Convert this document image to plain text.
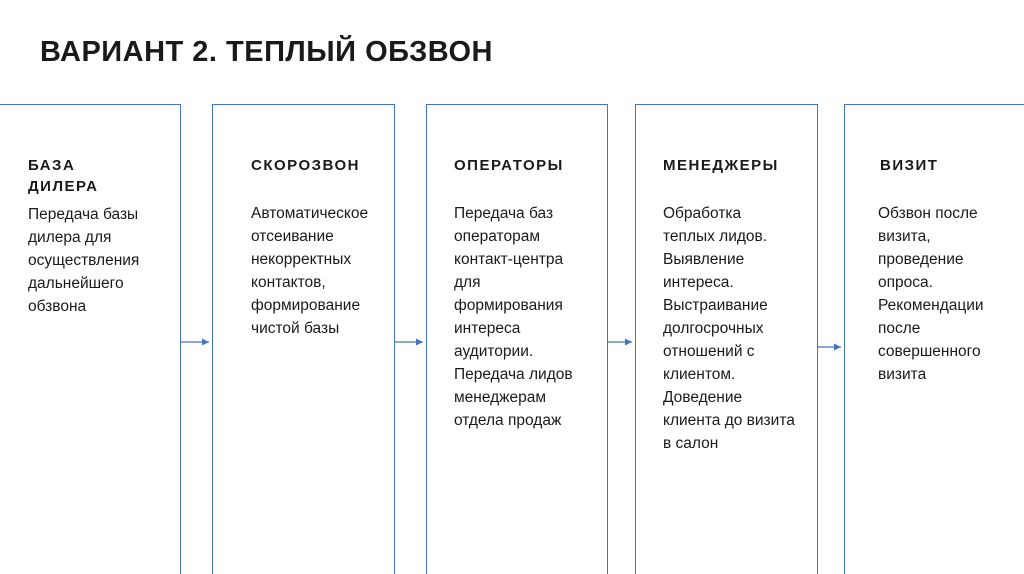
ВАРИАНТ 2. ТЕПЛЫЙ ОБЗВОН
БАЗА
ДИЛЕРА
Передача базы
дилера для
осуществления
дальнейшего
обзвона
СКОРОЗВОН
Автоматическое
отсеивание
некорректных
контактов,
формирование
чистой базы
ОПЕРАТОРЫ
Передача баз
операторам
контакт-центра
для
формирования
интереса
аудитории.
Передача лидов
менеджерам
отдела продаж
МЕНЕДЖЕРЫ
Обработка
теплых лидов.
Выявление
интереса.
Выстраивание
долгосрочных
отношений с
клиентом.
Доведение
клиента до визита
в салон
ВИЗИТ
Обзвон после
визита,
проведение
опроса.
Рекомендации
после
совершенного
визита
